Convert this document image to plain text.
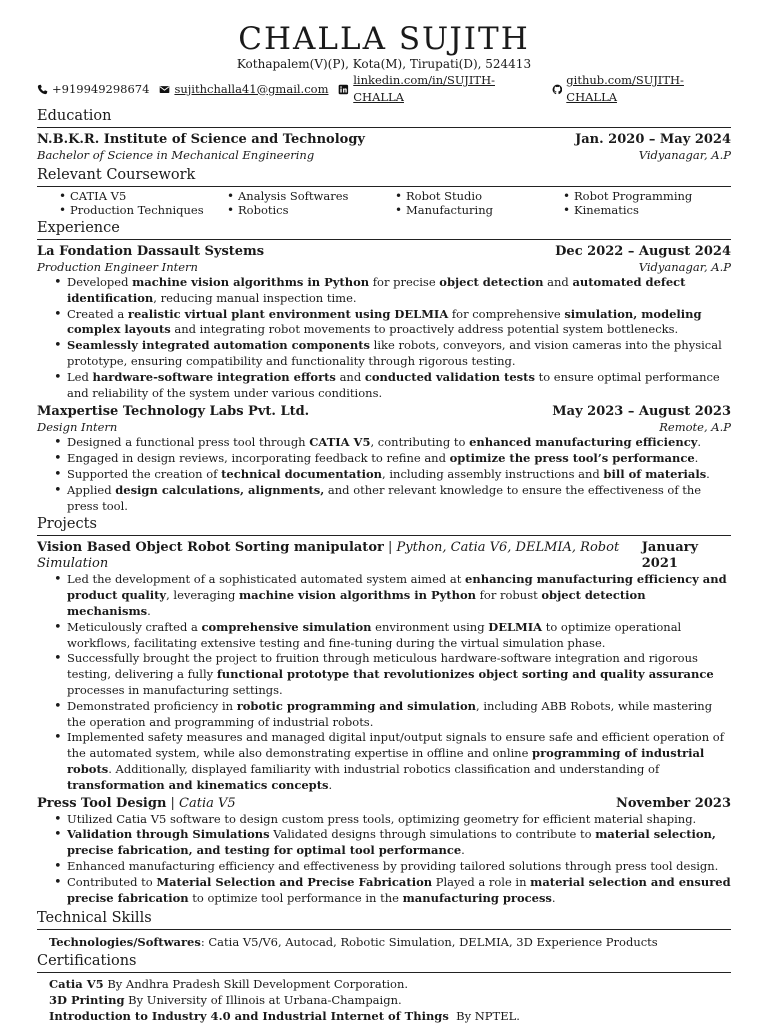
CHALLA SUJITH
Kothapalem(V)(P), Kota(M), Tirupati(D), 524413
+919949298674 sujithchalla41@gmail.com
linkedin.com/in/SUJITH-CHALLA
github.com/SUJITH-CHALLA
Education
N.B.K.R. Institute of Science and Technology	Jan. 2020 – May 2024
Bachelor of Science in Mechanical Engineering	Vidyanagar, A.P
Relevant Coursework
• CATIA V5	• Analysis Softwares	• Robot Studio	• Robot Programming
• Production Techniques	• Robotics	• Manufacturing	• Kinematics
Experience
La Fondation Dassault Systems	Dec 2022 – August 2024
Production Engineer Intern	Vidyanagar, A.P
• Developed machine vision algorithms in Python for precise object detection and automated defect identification, reducing manual inspection time.
• Created a realistic virtual plant environment using DELMIA for comprehensive simulation, modeling complex layouts and integrating robot movements to proactively address potential system bottlenecks.
• Seamlessly integrated automation components like robots, conveyors, and vision cameras into the physical prototype, ensuring compatibility and functionality through rigorous testing.
• Led hardware-software integration efforts and conducted validation tests to ensure optimal performance and reliability of the system under various conditions.
Maxpertise Technology Labs Pvt. Ltd.	May 2023 – August 2023
Design Intern	Remote, A.P
• Designed a functional press tool through CATIA V5, contributing to enhanced manufacturing efficiency.
• Engaged in design reviews, incorporating feedback to refine and optimize the press tool’s performance.
• Supported the creation of technical documentation, including assembly instructions and bill of materials.
• Applied design calculations, alignments, and other relevant knowledge to ensure the effectiveness of the press tool.
Projects
Vision Based Object Robot Sorting manipulator | Python, Catia V6, DELMIA, Robot Simulation
January 2021
• Led the development of a sophisticated automated system aimed at enhancing manufacturing efficiency and product quality, leveraging machine vision algorithms in Python for robust object detection mechanisms.
• Meticulously crafted a comprehensive simulation environment using DELMIA to optimize operational workflows, facilitating extensive testing and fine-tuning during the virtual simulation phase.
• Successfully brought the project to fruition through meticulous hardware-software integration and rigorous testing, delivering a fully functional prototype that revolutionizes object sorting and quality assurance processes in manufacturing settings.
• Demonstrated proficiency in robotic programming and simulation, including ABB Robots, while mastering the operation and programming of industrial robots.
• Implemented safety measures and managed digital input/output signals to ensure safe and efficient operation of the automated system, while also demonstrating expertise in offline and online programming of industrial robots. Additionally, displayed familiarity with industrial robotics classification and understanding of transformation and kinematics concepts.
Press Tool Design | Catia V5	November 2023
• Utilized Catia V5 software to design custom press tools, optimizing geometry for efficient material shaping.
• Validation through Simulations Validated designs through simulations to contribute to material selection, precise fabrication, and testing for optimal tool performance.
• Enhanced manufacturing efficiency and effectiveness by providing tailored solutions through press tool design.
• Contributed to Material Selection and Precise Fabrication Played a role in material selection and ensured precise fabrication to optimize tool performance in the manufacturing process.
Technical Skills
Technologies/Softwares: Catia V5/V6, Autocad, Robotic Simulation, DELMIA, 3D Experience Products
Certifications
Catia V5 By Andhra Pradesh Skill Development Corporation.
3D Printing By University of Illinois at Urbana-Champaign.
Introduction to Industry 4.0 and Industrial Internet of Things  By NPTEL.
